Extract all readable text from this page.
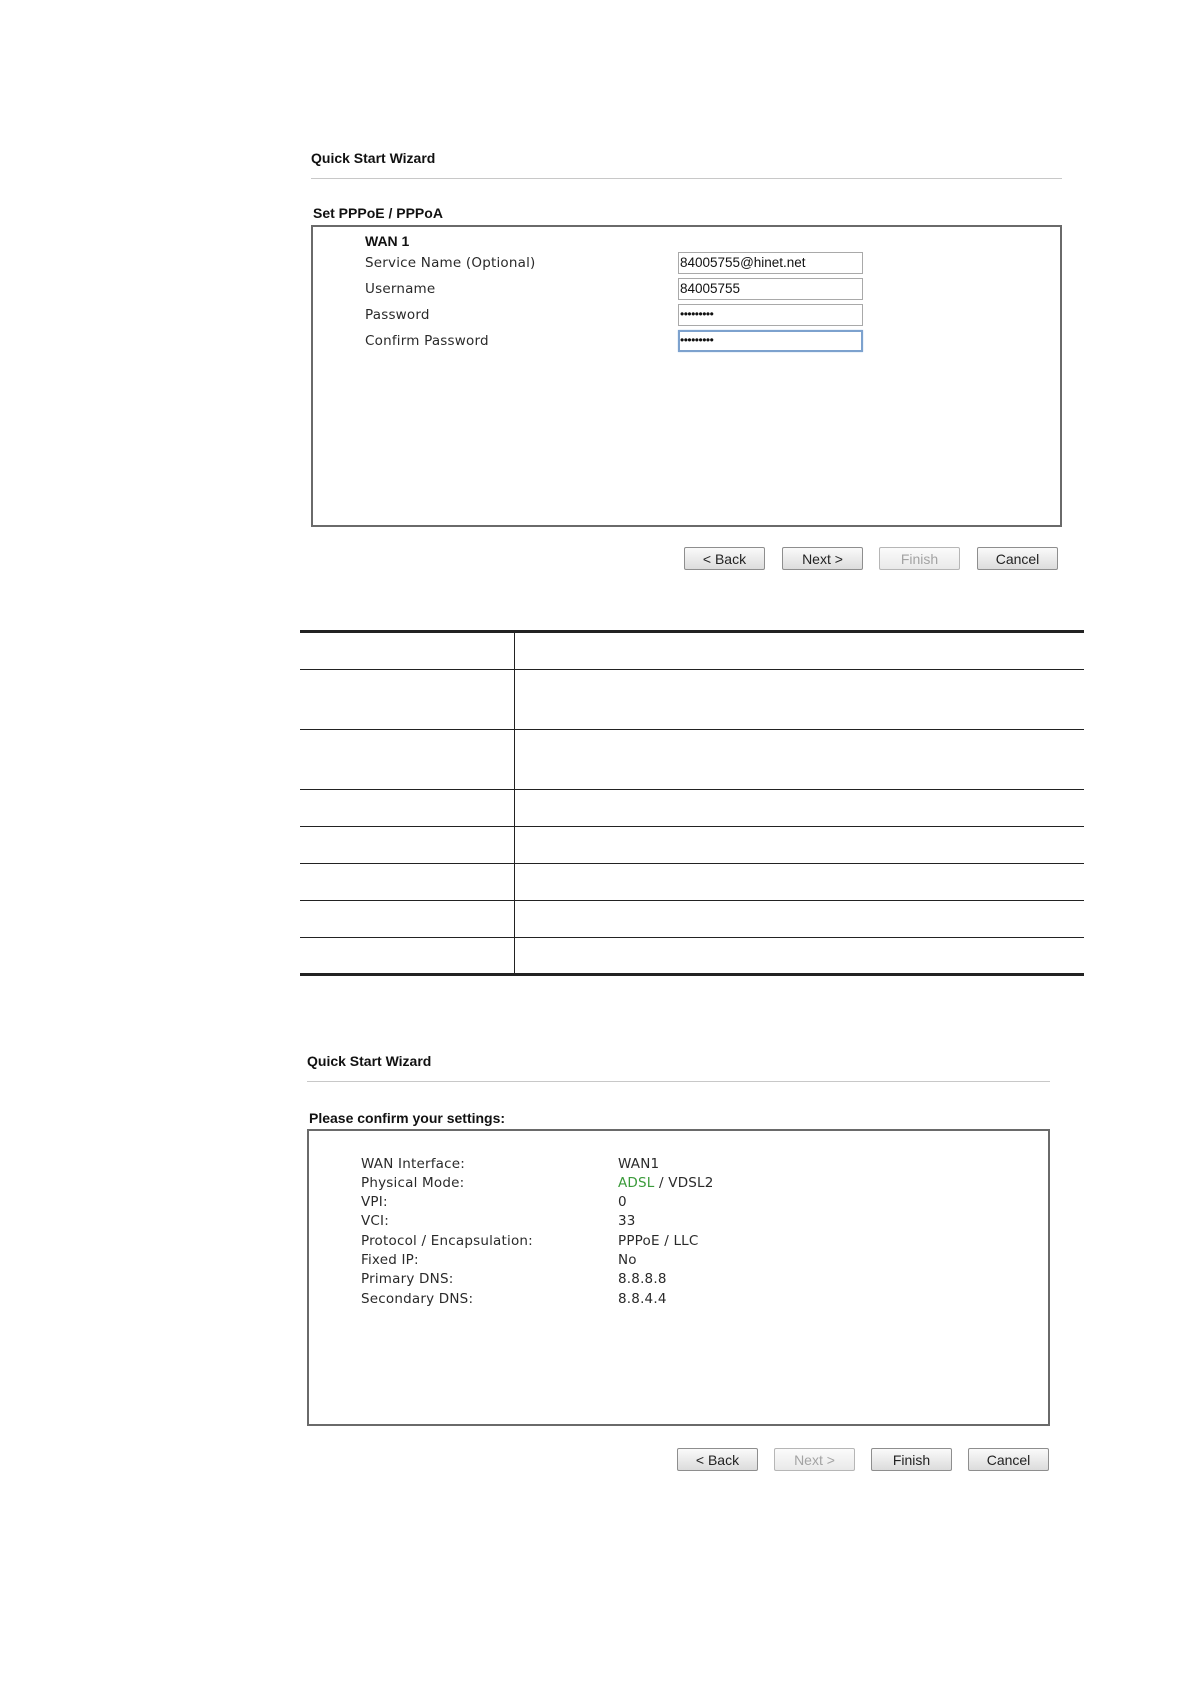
Quick Start Wizard
Set PPPoE / PPPoA
WAN 1
Service Name (Optional)	84005755@hinet.net
Username	84005755
Password	•••••••••
Confirm Password	•••••••••
< Back	Next >	Finish	Cancel
Quick Start Wizard
Please confirm your settings:
WAN Interface:	WAN1
Physical Mode:	ADSL / VDSL2
VPI:	0
VCI:	33
Protocol / Encapsulation:	PPPoE / LLC
Fixed IP:	No
Primary DNS:	8.8.8.8
Secondary DNS:	8.8.4.4
< Back	Next >	Finish	Cancel
